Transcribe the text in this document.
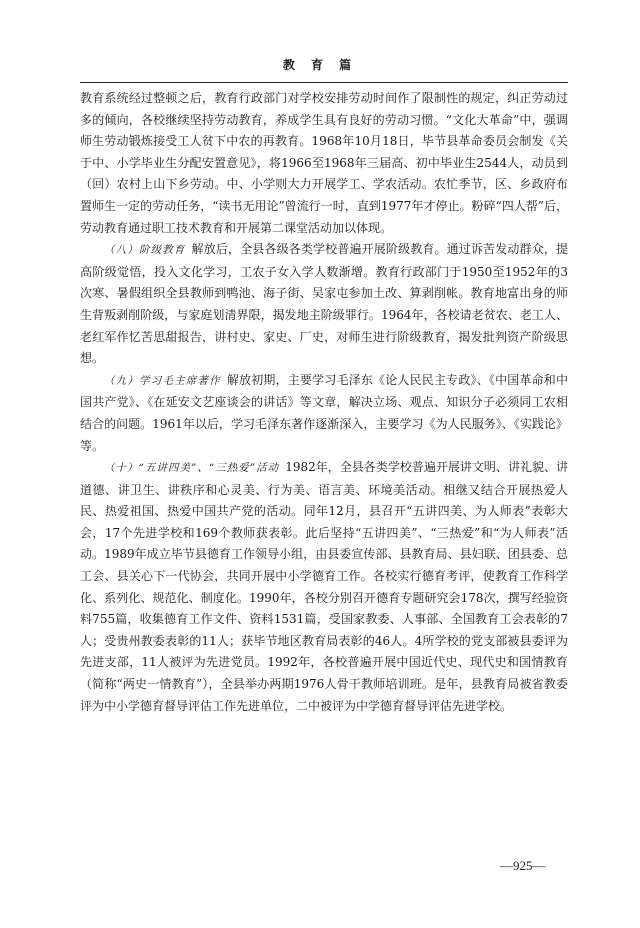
教 育 篇

教育系统经过整顿之后，教育行政部门对学校安排劳动时间作了限制性的规定，纠正劳动过多的倾向，各校继续坚持劳动教育，养成学生具有良好的劳动习惯。“文化大革命”中，强调师生劳动锻炼接受工人贫下中农的再教育。1968年10月18日，毕节县革命委员会制发《关于中、小学毕业生分配安置意见》，将1966至1968年三届高、初中毕业生2544人，动员到（回）农村上山下乡劳动。中、小学则大力开展学工、学农活动。农忙季节，区、乡政府布置师生一定的劳动任务，“读书无用论”曾流行一时，直到1977年才停止。粉碎“四人帮”后，劳动教育通过职工技术教育和开展第二课堂活动加以体现。

（八）阶级教育 解放后，全县各级各类学校普遍开展阶级教育。通过诉苦发动群众，提高阶级觉悟，投入文化学习，工农子女入学人数渐增。教育行政部门于1950至1952年的3次寒、暑假组织全县教师到鸭池、海子街、吴家屯参加土改、算剥削帐。教育地富出身的师生背叛剥削阶级，与家庭划清界限，揭发地主阶级罪行。1964年，各校请老贫农、老工人、老红军作忆苦思甜报告，讲村史、家史、厂史，对师生进行阶级教育，揭发批判资产阶级思想。

（九）学习毛主席著作 解放初期，主要学习毛泽东《论人民民主专政》、《中国革命和中国共产党》、《在延安文艺座谈会的讲话》等文章，解决立场、观点、知识分子必须同工农相结合的问题。1961年以后，学习毛泽东著作逐渐深入，主要学习《为人民服务》、《实践论》等。

（十）“五讲四美”、“三热爱”活动 1982年，全县各类学校普遍开展讲文明、讲礼貌、讲道德、讲卫生、讲秩序和心灵美、行为美、语言美、环境美活动。相继又结合开展热爱人民、热爱祖国、热爱中国共产党的活动。同年12月，县召开“五讲四美、为人师表”表彰大会，17个先进学校和169个教师获表彰。此后坚持“五讲四美”、“三热爱”和“为人师表”活动。1989年成立毕节县德育工作领导小组，由县委宣传部、县教育局、县妇联、团县委、总工会、县关心下一代协会，共同开展中小学德育工作。各校实行德育考评，使教育工作科学化、系列化、规范化、制度化。1990年，各校分别召开德育专题研究会178次，撰写经验资料755篇，收集德育工作文件、资料1531篇，受国家教委、人事部、全国教育工会表彰的7人；受贵州教委表彰的11人；获毕节地区教育局表彰的46人。4所学校的党支部被县委评为先进支部，11人被评为先进党员。1992年，各校普遍开展中国近代史、现代史和国情教育（简称“两史一情教育”），全县举办两期1976人骨干教师培训班。是年，县教育局被省教委评为中小学德育督导评估工作先进单位，二中被评为中学德育督导评估先进学校。

—925—
